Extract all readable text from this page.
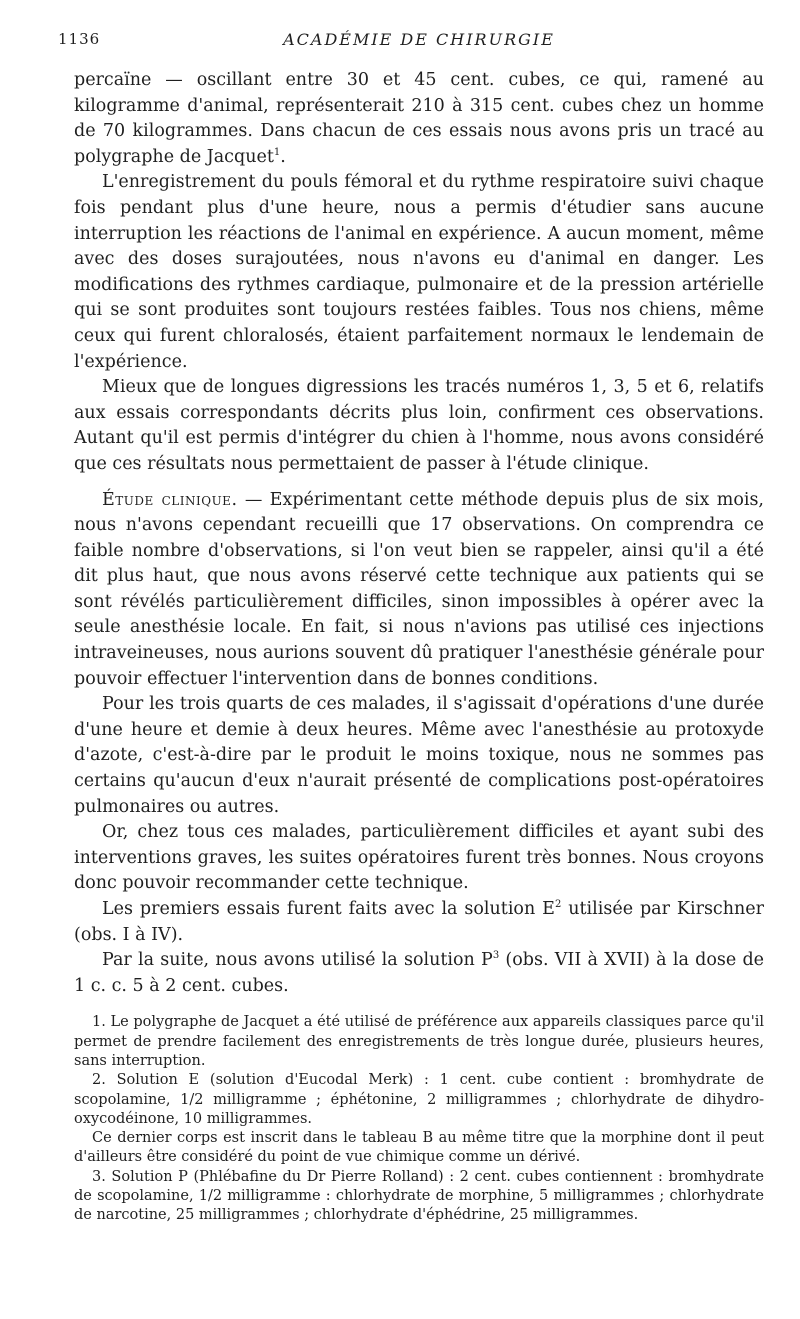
1136	ACADÉMIE DE CHIRURGIE

percaïne — oscillant entre 30 et 45 cent. cubes, ce qui, ramené au kilogramme d'animal, représenterait 210 à 315 cent. cubes chez un homme de 70 kilogrammes. Dans chacun de ces essais nous avons pris un tracé au polygraphe de Jacquet$^1$.

L'enregistrement du pouls fémoral et du rythme respiratoire suivi chaque fois pendant plus d'une heure, nous a permis d'étudier sans aucune interruption les réactions de l'animal en expérience. A aucun moment, même avec des doses surajoutées, nous n'avons eu d'animal en danger. Les modifications des rythmes cardiaque, pulmonaire et de la pression artérielle qui se sont produites sont toujours restées faibles. Tous nos chiens, même ceux qui furent chloralosés, étaient parfaitement normaux le lendemain de l'expérience.

Mieux que de longues digressions les tracés numéros 1, 3, 5 et 6, relatifs aux essais correspondants décrits plus loin, confirment ces observations. Autant qu'il est permis d'intégrer du chien à l'homme, nous avons considéré que ces résultats nous permettaient de passer à l'étude clinique.

Étude clinique. — Expérimentant cette méthode depuis plus de six mois, nous n'avons cependant recueilli que 17 observations. On comprendra ce faible nombre d'observations, si l'on veut bien se rappeler, ainsi qu'il a été dit plus haut, que nous avons réservé cette technique aux patients qui se sont révélés particulièrement difficiles, sinon impossibles à opérer avec la seule anesthésie locale. En fait, si nous n'avions pas utilisé ces injections intraveineuses, nous aurions souvent dû pratiquer l'anesthésie générale pour pouvoir effectuer l'intervention dans de bonnes conditions.

Pour les trois quarts de ces malades, il s'agissait d'opérations d'une durée d'une heure et demie à deux heures. Même avec l'anesthésie au protoxyde d'azote, c'est-à-dire par le produit le moins toxique, nous ne sommes pas certains qu'aucun d'eux n'aurait présenté de complications post-opératoires pulmonaires ou autres.

Or, chez tous ces malades, particulièrement difficiles et ayant subi des interventions graves, les suites opératoires furent très bonnes. Nous croyons donc pouvoir recommander cette technique.

Les premiers essais furent faits avec la solution $E^2$ utilisée par Kirschner (obs. I à IV).

Par la suite, nous avons utilisé la solution $P^3$ (obs. VII à XVII) à la dose de 1 c. c. 5 à 2 cent. cubes.

1. Le polygraphe de Jacquet a été utilisé de préférence aux appareils classiques parce qu'il permet de prendre facilement des enregistrements de très longue durée, plusieurs heures, sans interruption.

2. Solution E (solution d'Eucodal Merk) : 1 cent. cube contient : bromhydrate de scopolamine, 1/2 milligramme ; éphétonine, 2 milligrammes ; chlorhydrate de dihydro-oxycodéinone, 10 milligrammes.

Ce dernier corps est inscrit dans le tableau B au même titre que la morphine dont il peut d'ailleurs être considéré du point de vue chimique comme un dérivé.

3. Solution P (Phlébafine du Dr Pierre Rolland) : 2 cent. cubes contiennent : bromhydrate de scopolamine, 1/2 milligramme : chlorhydrate de morphine, 5 milligrammes ; chlorhydrate de narcotine, 25 milligrammes ; chlorhydrate d'éphédrine, 25 milligrammes.
